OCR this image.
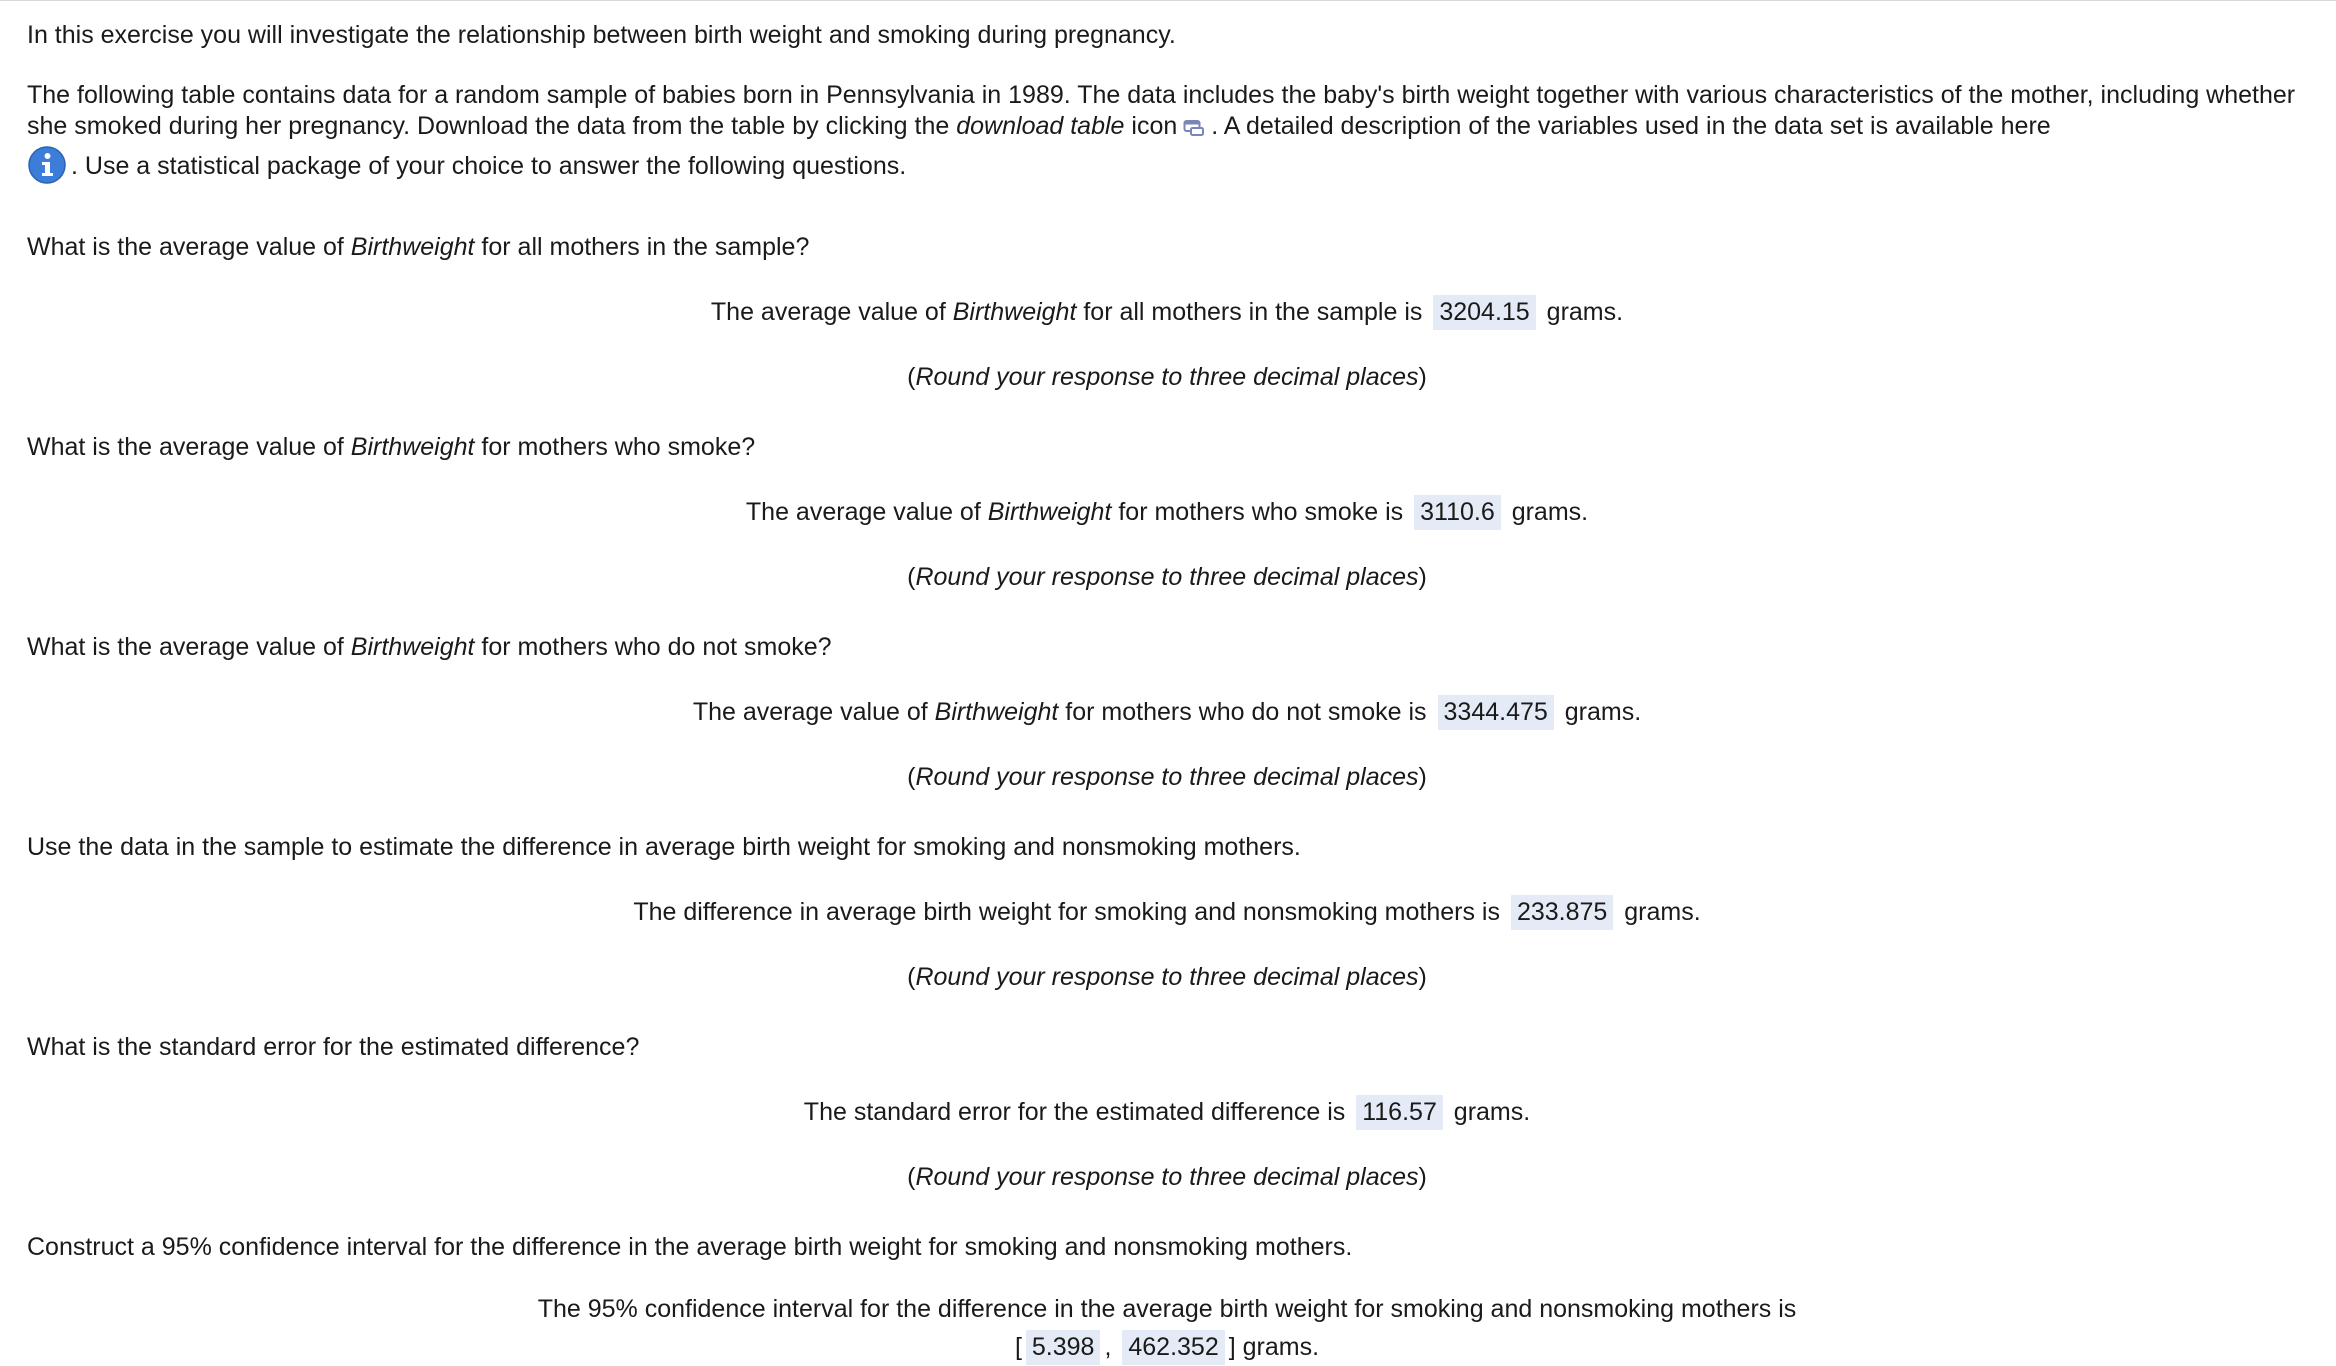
In this exercise you will investigate the relationship between birth weight and smoking during pregnancy.

The following table contains data for a random sample of babies born in Pennsylvania in 1989. The data includes the baby's birth weight together with various characteristics of the mother, including whether she smoked during her pregnancy. Download the data from the table by clicking the download table icon . A detailed description of the variables used in the data set is available here
. Use a statistical package of your choice to answer the following questions.

What is the average value of Birthweight for all mothers in the sample?

The average value of Birthweight for all mothers in the sample is 3204.15 grams.

(Round your response to three decimal places)

What is the average value of Birthweight for mothers who smoke?

The average value of Birthweight for mothers who smoke is 3110.6 grams.

(Round your response to three decimal places)

What is the average value of Birthweight for mothers who do not smoke?

The average value of Birthweight for mothers who do not smoke is 3344.475 grams.

(Round your response to three decimal places)

Use the data in the sample to estimate the difference in average birth weight for smoking and nonsmoking mothers.

The difference in average birth weight for smoking and nonsmoking mothers is 233.875 grams.

(Round your response to three decimal places)

What is the standard error for the estimated difference?

The standard error for the estimated difference is 116.57 grams.

(Round your response to three decimal places)

Construct a 95% confidence interval for the difference in the average birth weight for smoking and nonsmoking mothers.

The 95% confidence interval for the difference in the average birth weight for smoking and nonsmoking mothers is
[ 5.398 , 462.352 ] grams.
